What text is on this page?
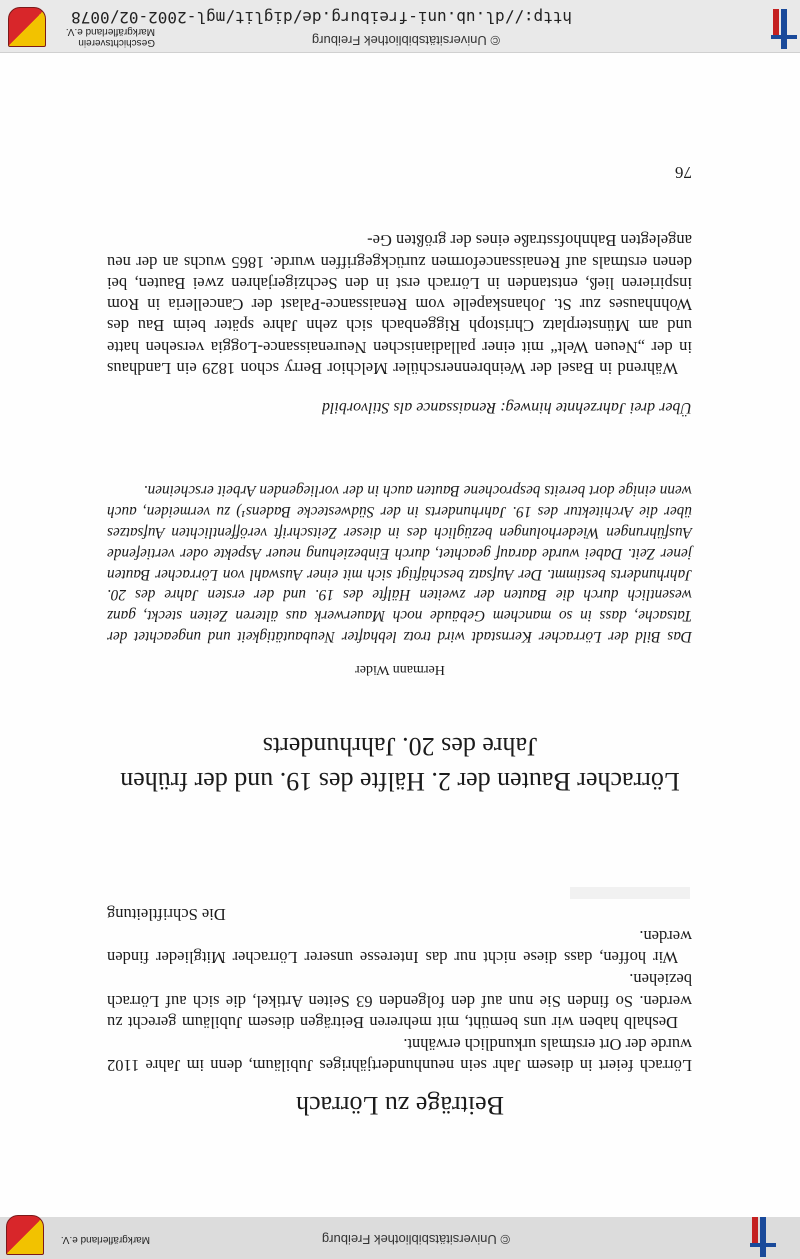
© Universitätsbibliothek Freiburg
Markgräflerland e.V.
Beiträge zu Lörrach

Lörrach feiert in diesem Jahr sein neunhundertjähriges Jubiläum, denn im Jahre 1102 wurde der Ort erstmals urkundlich erwähnt.

Deshalb haben wir uns bemüht, mit mehreren Beiträgen diesem Jubiläum gerecht zu werden. So finden Sie nun auf den folgenden 63 Seiten Artikel, die sich auf Lörrach beziehen.

Wir hoffen, dass diese nicht nur das Interesse unserer Lörracher Mitglieder finden werden.

Die Schriftleitung
Lörracher Bauten der 2. Hälfte des 19. und der frühen
Jahre des 20. Jahrhunderts
Hermann Wider

Das Bild der Lörracher Kernstadt wird trotz lebhafter Neubautätigkeit und ungeachtet der Tatsache, dass in so manchem Gebäude noch Mauerwerk aus älteren Zeiten steckt, ganz wesentlich durch die Bauten der zweiten Hälfte des 19. und der ersten Jahre des 20. Jahrhunderts bestimmt. Der Aufsatz beschäftigt sich mit einer Auswahl von Lörracher Bauten jener Zeit. Dabei wurde darauf geachtet, durch Einbeziehung neuer Aspekte oder vertiefende Ausführungen Wiederholungen bezüglich des in dieser Zeitschrift veröffentlichten Aufsatzes über die Architektur des 19. Jahrhunderts in der Südwestecke Badens¹) zu vermeiden, auch wenn einige dort bereits besprochene Bauten auch in der vorliegenden Arbeit erscheinen.

Über drei Jahrzehnte hinweg: Renaissance als Stilvorbild

Während in Basel der Weinbrennerschüler Melchior Berry schon 1829 ein Landhaus in der „Neuen Welt“ mit einer palladianischen Neurenaissance-Loggia versehen hatte und am Münsterplatz Christoph Riggenbach sich zehn Jahre später beim Bau des Wohnhauses zur St. Johanskapelle vom Renaissance-Palast der Cancelleria in Rom inspirieren ließ, entstanden in Lörrach erst in den Sechzigerjahren zwei Bauten, bei denen erstmals auf Renaissanceformen zurückgegriffen wurde. 1865 wuchs an der neu angelegten Bahnhofsstraße eines der größten Ge-

76
© Universitätsbibliothek Freiburg
http://dl.ub.uni-freiburg.de/diglit/mgl-2002-02/0078
Geschichtsverein
Markgräflerland e.V.
